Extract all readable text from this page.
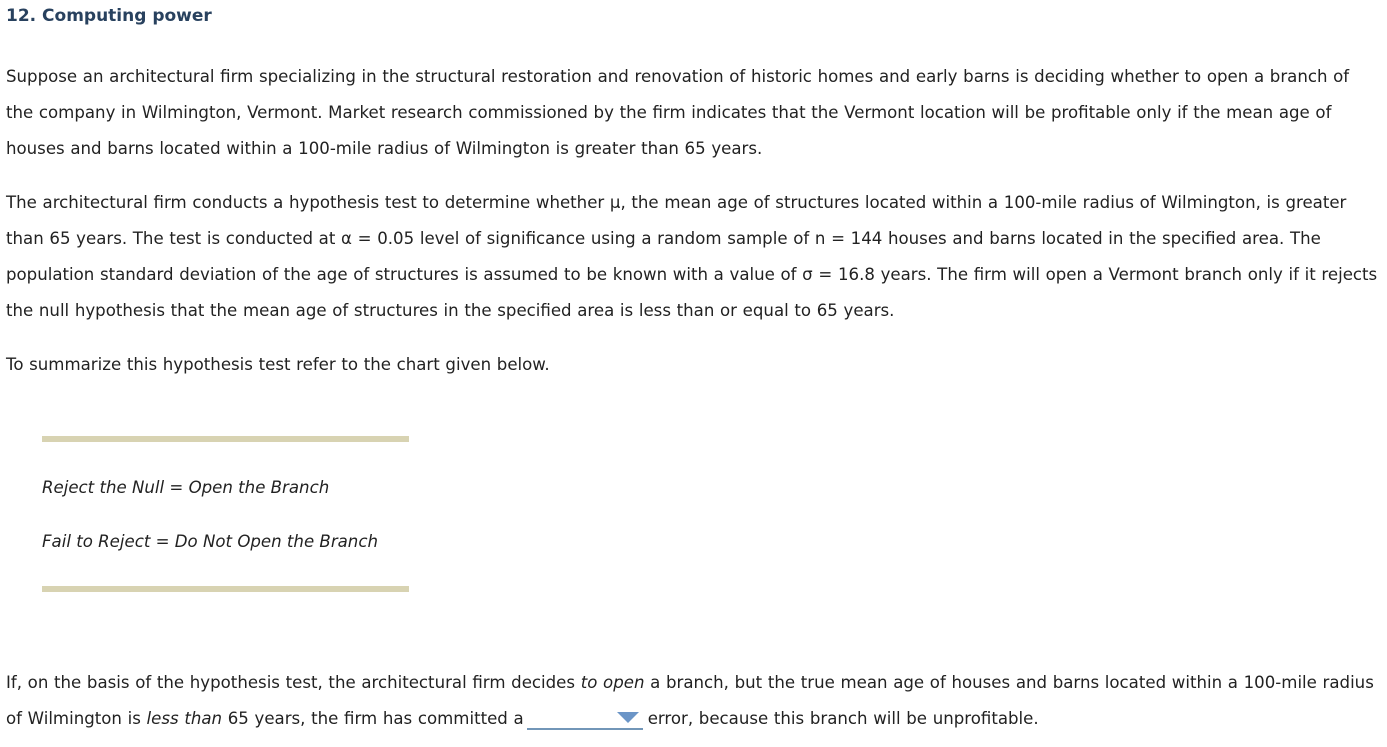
12. Computing power

Suppose an architectural firm specializing in the structural restoration and renovation of historic homes and early barns is deciding whether to open a branch of the company in Wilmington, Vermont. Market research commissioned by the firm indicates that the Vermont location will be profitable only if the mean age of houses and barns located within a 100-mile radius of Wilmington is greater than 65 years.

The architectural firm conducts a hypothesis test to determine whether μ, the mean age of structures located within a 100-mile radius of Wilmington, is greater than 65 years. The test is conducted at α = 0.05 level of significance using a random sample of n = 144 houses and barns located in the specified area. The population standard deviation of the age of structures is assumed to be known with a value of σ = 16.8 years. The firm will open a Vermont branch only if it rejects the null hypothesis that the mean age of structures in the specified area is less than or equal to 65 years.

To summarize this hypothesis test refer to the chart given below.

Reject the Null = Open the Branch
Fail to Reject = Do Not Open the Branch

If, on the basis of the hypothesis test, the architectural firm decides to open a branch, but the true mean age of houses and barns located within a 100-mile radius of Wilmington is less than 65 years, the firm has committed a	error, because this branch will be unprofitable.
